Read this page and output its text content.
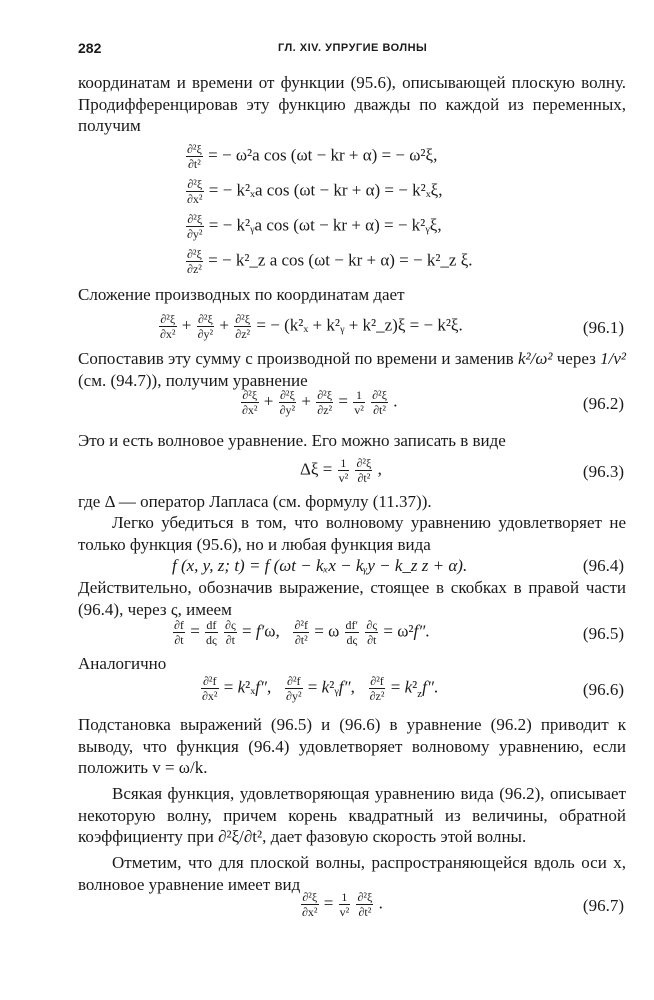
282	ГЛ. XIV. УПРУГИЕ ВОЛНЫ

координатам и времени от функции (95.6), описывающей плоскую волну. Продифференцировав эту функцию дважды по каждой из переменных, получим

$\frac{\text{∂²ξ}}{\text{∂t²}}$ = − ω²a cos (ωt − kr + α) = − ω²ξ,
$\frac{\text{∂²ξ}}{\text{∂x²}}$ = − k²ₓa cos (ωt − kr + α) = − k²ₓξ,
$\frac{\text{∂²ξ}}{\text{∂y²}}$ = − k²ᵧa cos (ωt − kr + α) = − k²ᵧξ,
$\frac{\text{∂²ξ}}{\text{∂z²}}$ = − k²_z a cos (ωt − kr + α) = − k²_z ξ.

Сложение производных по координатам дает

$\frac{\text{∂²ξ}}{\text{∂x²}} + \frac{\text{∂²ξ}}{\text{∂y²}} + \frac{\text{∂²ξ}}{\text{∂z²}}$ = − (k²ₓ + k²ᵧ + k²_z)ξ = − k²ξ.	(96.1)

Сопоставив эту сумму с производной по времени и заменив k²/ω² через 1/v² (см. (94.7)), получим уравнение

$\frac{\text{∂²ξ}}{\text{∂x²}} + \frac{\text{∂²ξ}}{\text{∂y²}} + \frac{\text{∂²ξ}}{\text{∂z²}} = \frac{1}{\text{v²}}$
$\frac{\text{∂²ξ}}{\text{∂t²}}$ .	(96.2)

Это и есть волновое уравнение. Его можно записать в виде

$\Delta\xi = \frac{1}{\text{v²}}$
$\frac{\text{∂²ξ}}{\text{∂t²}}$ ,	(96.3)

где Δ — оператор Лапласа (см. формулу (11.37)).

Легко убедиться в том, что волновому уравнению удовлетворяет не только функция (95.6), но и любая функция вида

f (x, y, z; t) = f (ωt − kₓx − kᵧy − k_z z + α).	(96.4)

Действительно, обозначив выражение, стоящее в скобках в правой части (96.4), через ς, имеем

$\frac{\partial f}{\partial t} = \frac{df}{d\varsigma}$
$\frac{\partial\varsigma}{\partial t} = f'\omega$, $\frac{\text{∂²f}}{\text{∂t²}} = \omega \frac{df'}{d\varsigma}$
$\frac{\partial\varsigma}{\partial t} = \omega^2f''$.	(96.5)

Аналогично

$\frac{\text{∂²f}}{\text{∂x²}} = k^2_xf''$, $\frac{\text{∂²f}}{\text{∂y²}}$ = k²ᵧf″, $\frac{\text{∂²f}}{\text{∂z²}} = k^2_zf''$.	(96.6)

Подстановка выражений (96.5) и (96.6) в уравнение (96.2) приводит к выводу, что функция (96.4) удовлетворяет волновому уравнению, если положить v = ω/k.

Всякая функция, удовлетворяющая уравнению вида (96.2), описывает некоторую волну, причем корень квадратный из величины, обратной коэффициенту при ∂²ξ/∂t², дает фазовую скорость этой волны.

Отметим, что для плоской волны, распространяющейся вдоль оси x, волновое уравнение имеет вид

$\frac{\text{∂²ξ}}{\text{∂x²}} = \frac{1}{\text{v²}}$
$\frac{\text{∂²ξ}}{\text{∂t²}}$ .	(96.7)
